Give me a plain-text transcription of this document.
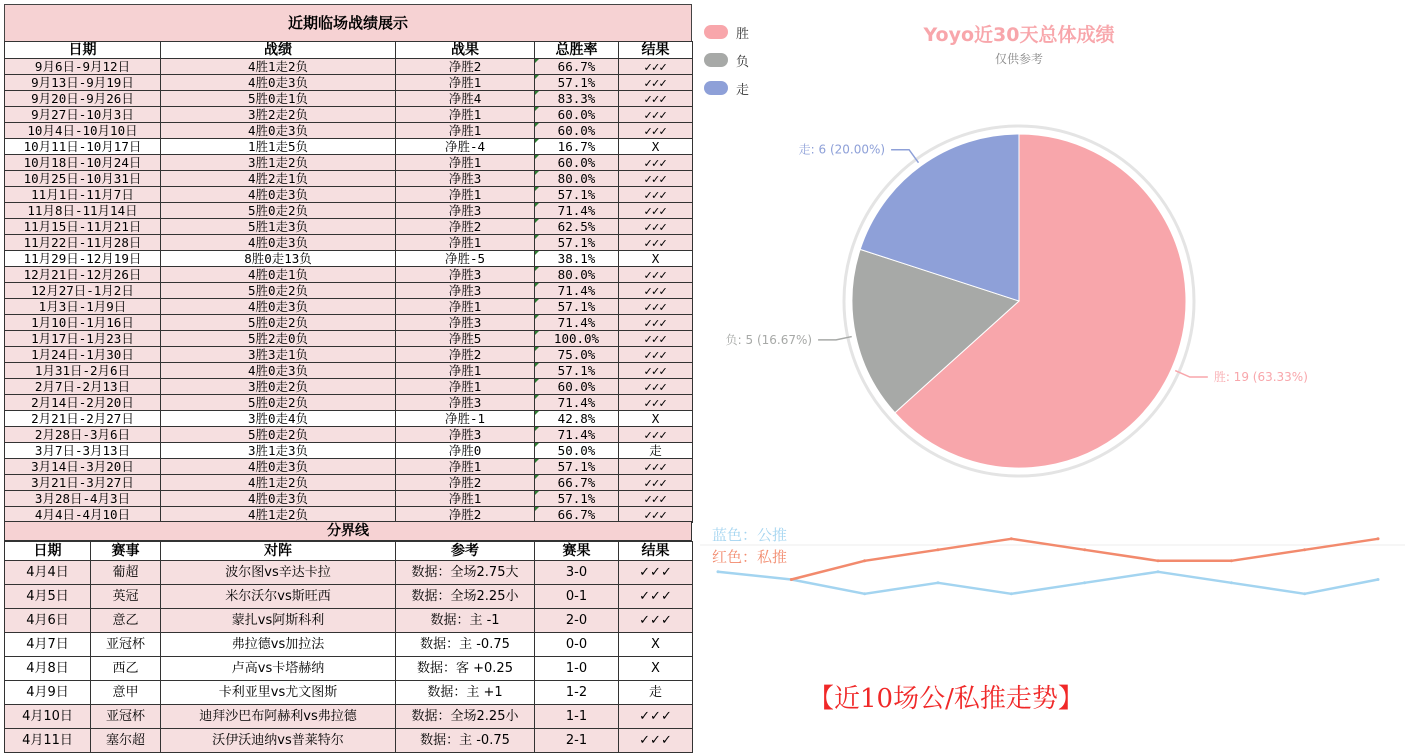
近期临场战绩展示
日期	战绩	战果	总胜率	结果
9月6日-9月12日	4胜1走2负	净胜2	66.7%	✓✓✓
9月13日-9月19日	4胜0走3负	净胜1	57.1%	✓✓✓
9月20日-9月26日	5胜0走1负	净胜4	83.3%	✓✓✓
9月27日-10月3日	3胜2走2负	净胜1	60.0%	✓✓✓
10月4日-10月10日	4胜0走3负	净胜1	60.0%	✓✓✓
10月11日-10月17日	1胜1走5负	净胜-4	16.7%	X
10月18日-10月24日	3胜1走2负	净胜1	60.0%	✓✓✓
10月25日-10月31日	4胜2走1负	净胜3	80.0%	✓✓✓
11月1日-11月7日	4胜0走3负	净胜1	57.1%	✓✓✓
11月8日-11月14日	5胜0走2负	净胜3	71.4%	✓✓✓
11月15日-11月21日	5胜1走3负	净胜2	62.5%	✓✓✓
11月22日-11月28日	4胜0走3负	净胜1	57.1%	✓✓✓
11月29日-12月19日	8胜0走13负	净胜-5	38.1%	X
12月21日-12月26日	4胜0走1负	净胜3	80.0%	✓✓✓
12月27日-1月2日	5胜0走2负	净胜3	71.4%	✓✓✓
1月3日-1月9日	4胜0走3负	净胜1	57.1%	✓✓✓
1月10日-1月16日	5胜0走2负	净胜3	71.4%	✓✓✓
1月17日-1月23日	5胜2走0负	净胜5	100.0%	✓✓✓
1月24日-1月30日	3胜3走1负	净胜2	75.0%	✓✓✓
1月31日-2月6日	4胜0走3负	净胜1	57.1%	✓✓✓
2月7日-2月13日	3胜0走2负	净胜1	60.0%	✓✓✓
2月14日-2月20日	5胜0走2负	净胜3	71.4%	✓✓✓
2月21日-2月27日	3胜0走4负	净胜-1	42.8%	X
2月28日-3月6日	5胜0走2负	净胜3	71.4%	✓✓✓
3月7日-3月13日	3胜1走3负	净胜0	50.0%	走
3月14日-3月20日	4胜0走3负	净胜1	57.1%	✓✓✓
3月21日-3月27日	4胜1走2负	净胜2	66.7%	✓✓✓
3月28日-4月3日	4胜0走3负	净胜1	57.1%	✓✓✓
4月4日-4月10日	4胜1走2负	净胜2	66.7%	✓✓✓
分界线
日期	赛事	对阵	参考	赛果	结果
4月4日	葡超	波尔图vs辛达卡拉	数据：全场2.75大	3-0	✓✓✓
4月5日	英冠	米尔沃尔vs斯旺西	数据：全场2.25小	0-1	✓✓✓
4月6日	意乙	蒙扎vs阿斯科利	数据：主 -1	2-0	✓✓✓
4月7日	亚冠杯	弗拉德vs加拉法	数据：主 -0.75	0-0	X
4月8日	西乙	卢高vs卡塔赫纳	数据：客 +0.25	1-0	X
4月9日	意甲	卡利亚里vs尤文图斯	数据：主 +1	1-2	走
4月10日	亚冠杯	迪拜沙巴布阿赫利vs弗拉德	数据：全场2.25小	1-1	✓✓✓
4月11日	塞尔超	沃伊沃迪纳vs普莱特尔	数据：主 -0.75	2-1	✓✓✓
胜: 19 (63.33%)
负: 5 (16.67%)
走: 6 (20.00%)
胜
负
走
Yoyo近30天总体成绩
仅供参考
蓝色：公推
红色：私推
【近10场公/私推走势】
